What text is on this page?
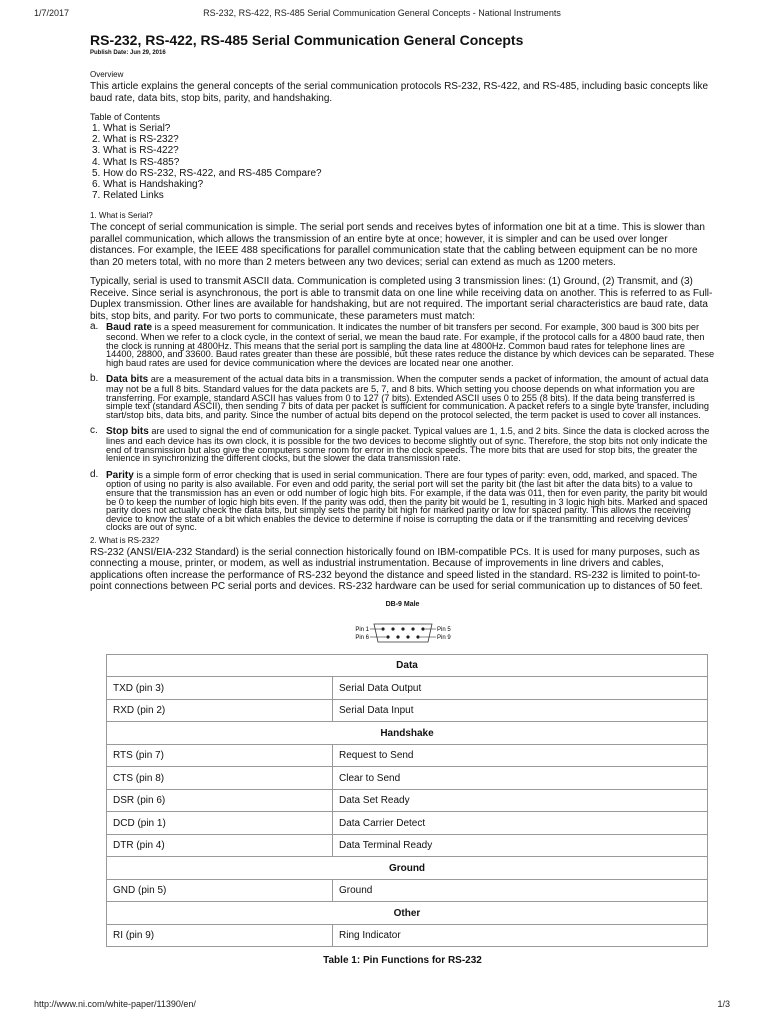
1/7/2017	RS-232, RS-422, RS-485 Serial Communication General Concepts - National Instruments
RS-232, RS-422, RS-485 Serial Communication General Concepts
Publish Date: Jun 29, 2016
Overview

This article explains the general concepts of the serial communication protocols RS-232, RS-422, and RS-485, including basic concepts like baud rate, data bits, stop bits, parity, and handshaking.

Table of Contents
1. What is Serial?
2. What is RS-232?
3. What is RS-422?
4. What Is RS-485?
5. How do RS-232, RS-422, and RS-485 Compare?
6. What is Handshaking?
7. Related Links
1. What is Serial?

The concept of serial communication is simple. The serial port sends and receives bytes of information one bit at a time. This is slower than parallel communication, which allows the transmission of an entire byte at once; however, it is simpler and can be used over longer distances. For example, the IEEE 488 specifications for parallel communication state that the cabling between equipment can be no more than 20 meters total, with no more than 2 meters between any two devices; serial can extend as much as 1200 meters.

Typically, serial is used to transmit ASCII data. Communication is completed using 3 transmission lines: (1) Ground, (2) Transmit, and (3) Receive. Since serial is asynchronous, the port is able to transmit data on one line while receiving data on another. This is referred to as Full-Duplex transmission. Other lines are available for handshaking, but are not required. The important serial characteristics are baud rate, data bits, stop bits, and parity. For two ports to communicate, these parameters must match:

a. Baud rate is a speed measurement for communication. It indicates the number of bit transfers per second. For example, 300 baud is 300 bits per second. When we refer to a clock cycle, in the context of serial, we mean the baud rate. For example, if the protocol calls for a 4800 baud rate, then the clock is running at 4800Hz. This means that the serial port is sampling the data line at 4800Hz. Common baud rates for telephone lines are 14400, 28800, and 33600. Baud rates greater than these are possible, but these rates reduce the distance by which devices can be separated. These high baud rates are used for device communication where the devices are located near one another.
b. Data bits are a measurement of the actual data bits in a transmission. When the computer sends a packet of information, the amount of actual data may not be a full 8 bits. Standard values for the data packets are 5, 7, and 8 bits. Which setting you choose depends on what information you are transferring. For example, standard ASCII has values from 0 to 127 (7 bits). Extended ASCII uses 0 to 255 (8 bits). If the data being transferred is simple text (standard ASCII), then sending 7 bits of data per packet is sufficient for communication. A packet refers to a single byte transfer, including start/stop bits, data bits, and parity. Since the number of actual bits depend on the protocol selected, the term packet is used to cover all instances.
c. Stop bits are used to signal the end of communication for a single packet. Typical values are 1, 1.5, and 2 bits. Since the data is clocked across the lines and each device has its own clock, it is possible for the two devices to become slightly out of sync. Therefore, the stop bits not only indicate the end of transmission but also give the computers some room for error in the clock speeds. The more bits that are used for stop bits, the greater the lenience in synchronizing the different clocks, but the slower the data transmission rate.
d. Parity is a simple form of error checking that is used in serial communication. There are four types of parity: even, odd, marked, and spaced. The option of using no parity is also available. For even and odd parity, the serial port will set the parity bit (the last bit after the data bits) to a value to ensure that the transmission has an even or odd number of logic high bits. For example, if the data was 011, then for even parity, the parity bit would be 0 to keep the number of logic high bits even. If the parity was odd, then the parity bit would be 1, resulting in 3 logic high bits. Marked and spaced parity does not actually check the data bits, but simply sets the parity bit high for marked parity or low for spaced parity. This allows the receiving device to know the state of a bit which enables the device to determine if noise is corrupting the data or if the transmitting and receiving devices' clocks are out of sync.
2. What is RS-232?

RS-232 (ANSI/EIA-232 Standard) is the serial connection historically found on IBM-compatible PCs. It is used for many purposes, such as connecting a mouse, printer, or modem, as well as industrial instrumentation. Because of improvements in line drivers and cables, applications often increase the performance of RS-232 beyond the distance and speed listed in the standard. RS-232 is limited to point-to-point connections between PC serial ports and devices. RS-232 hardware can be used for serial communication up to distances of 50 feet.

DB-9 Male
Pin 1
Pin 6
Pin 5
Pin 9
Data	
TXD (pin 3)	Serial Data Output
RXD (pin 2)	Serial Data Input
Handshake	
RTS (pin 7)	Request to Send
CTS (pin 8)	Clear to Send
DSR (pin 6)	Data Set Ready
DCD (pin 1)	Data Carrier Detect
DTR (pin 4)	Data Terminal Ready
Ground	
GND (pin 5)	Ground
Other	
RI (pin 9)	Ring Indicator
Table 1: Pin Functions for RS-232
http://www.ni.com/white-paper/11390/en/	1/3
